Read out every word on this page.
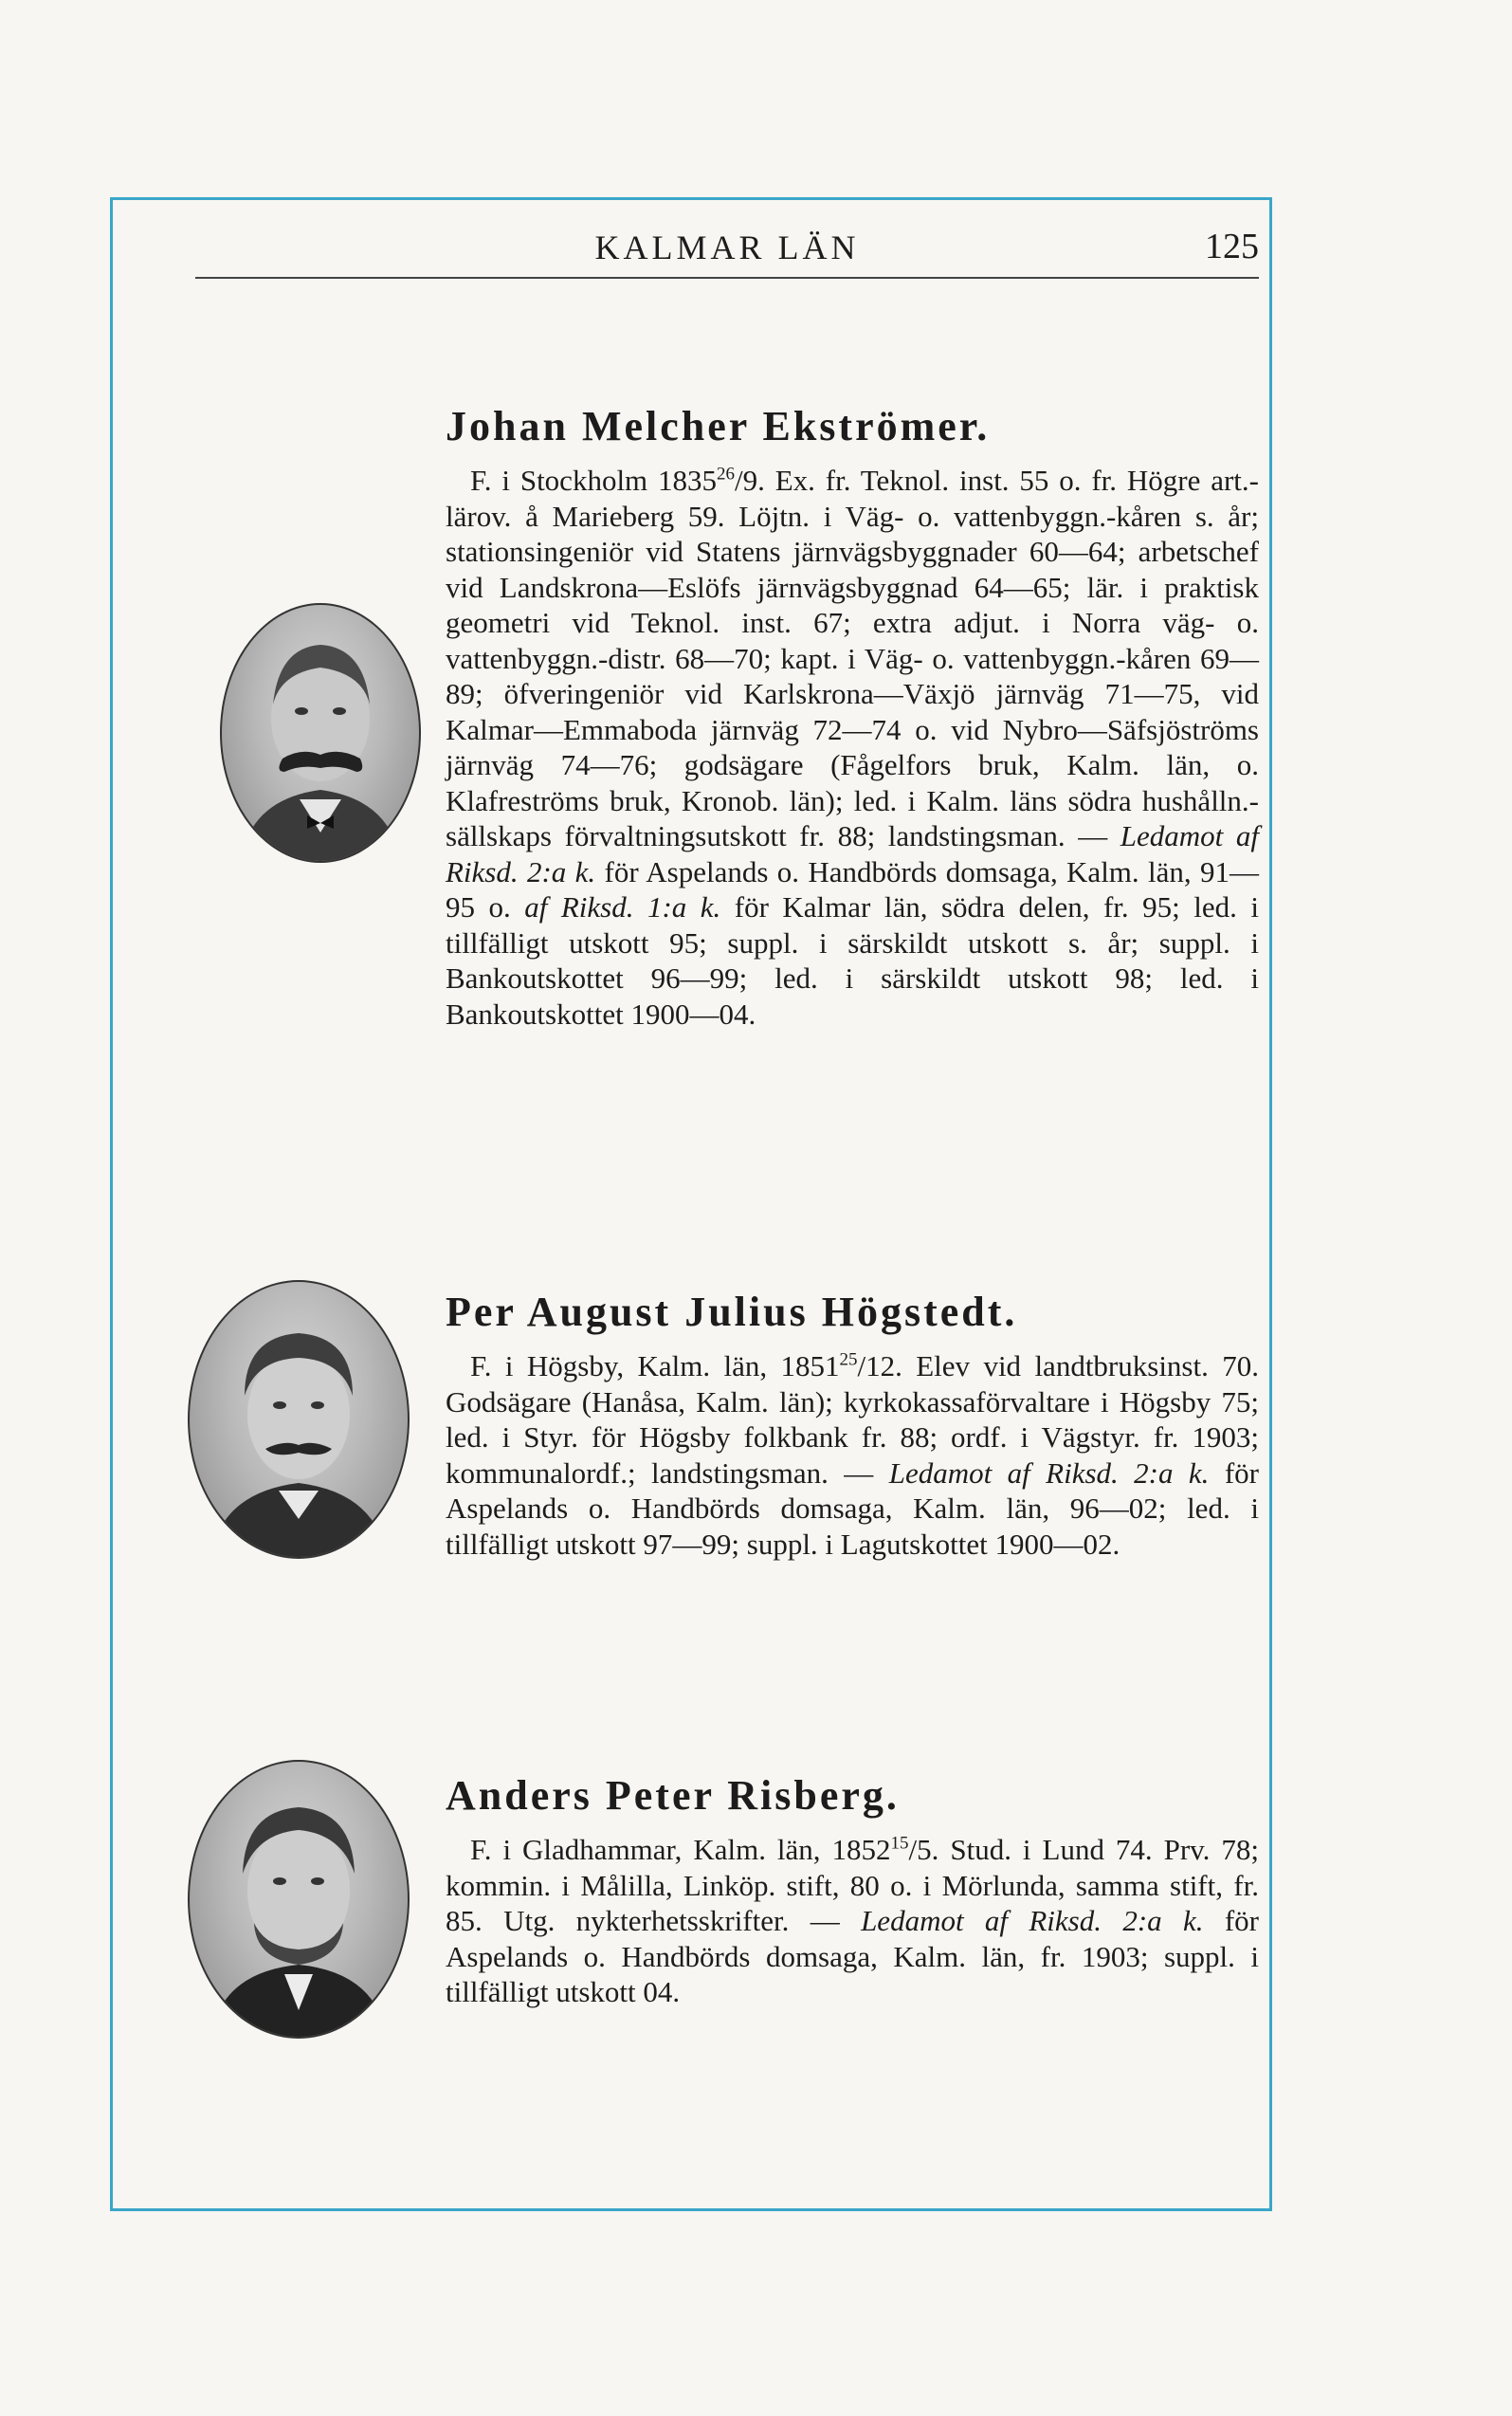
KALMAR LÄN	125
Johan Melcher Ekströmer.

F. i Stockholm 1835$^{26}$/9. Ex. fr. Teknol. inst. 55 o. fr. Högre art.-lärov. å Marieberg 59. Löjtn. i Väg- o. vattenbyggn.-kåren s. år; stationsingeniör vid Statens järnvägsbyggnader 60—64; arbetschef vid Landskrona—Eslöfs järnvägsbyggnad 64—65; lär. i praktisk geometri vid Teknol. inst. 67; extra adjut. i Norra väg- o. vattenbyggn.-distr. 68—70; kapt. i Väg- o. vattenbyggn.-kåren 69—89; öfveringeniör vid Karlskrona—Växjö järnväg 71—75, vid Kalmar—Emmaboda järnväg 72—74 o. vid Nybro—Säfsjöströms järnväg 74—76; godsägare (Fågelfors bruk, Kalm. län, o. Klafreströms bruk, Kronob. län); led. i Kalm. läns södra hushålln.-sällskaps förvaltningsutskott fr. 88; landstingsman. — Ledamot af Riksd. 2:a k. för Aspelands o. Handbörds domsaga, Kalm. län, 91—95 o. af Riksd. 1:a k. för Kalmar län, södra delen, fr. 95; led. i tillfälligt utskott 95; suppl. i särskildt utskott s. år; suppl. i Bankoutskottet 96—99; led. i särskildt utskott 98; led. i Bankoutskottet 1900—04.

Per August Julius Högstedt.

F. i Högsby, Kalm. län, 1851$^{25}$/12. Elev vid landtbruksinst. 70. Godsägare (Hanåsa, Kalm. län); kyrkokassaförvaltare i Högsby 75; led. i Styr. för Högsby folkbank fr. 88; ordf. i Vägstyr. fr. 1903; kommunalordf.; landstingsman. — Ledamot af Riksd. 2:a k. för Aspelands o. Handbörds domsaga, Kalm. län, 96—02; led. i tillfälligt utskott 97—99; suppl. i Lagutskottet 1900—02.

Anders Peter Risberg.

F. i Gladhammar, Kalm. län, 1852$^{15}$/5. Stud. i Lund 74. Prv. 78; kommin. i Målilla, Linköp. stift, 80 o. i Mörlunda, samma stift, fr. 85. Utg. nykterhetsskrifter. — Ledamot af Riksd. 2:a k. för Aspelands o. Handbörds domsaga, Kalm. län, fr. 1903; suppl. i tillfälligt utskott 04.
